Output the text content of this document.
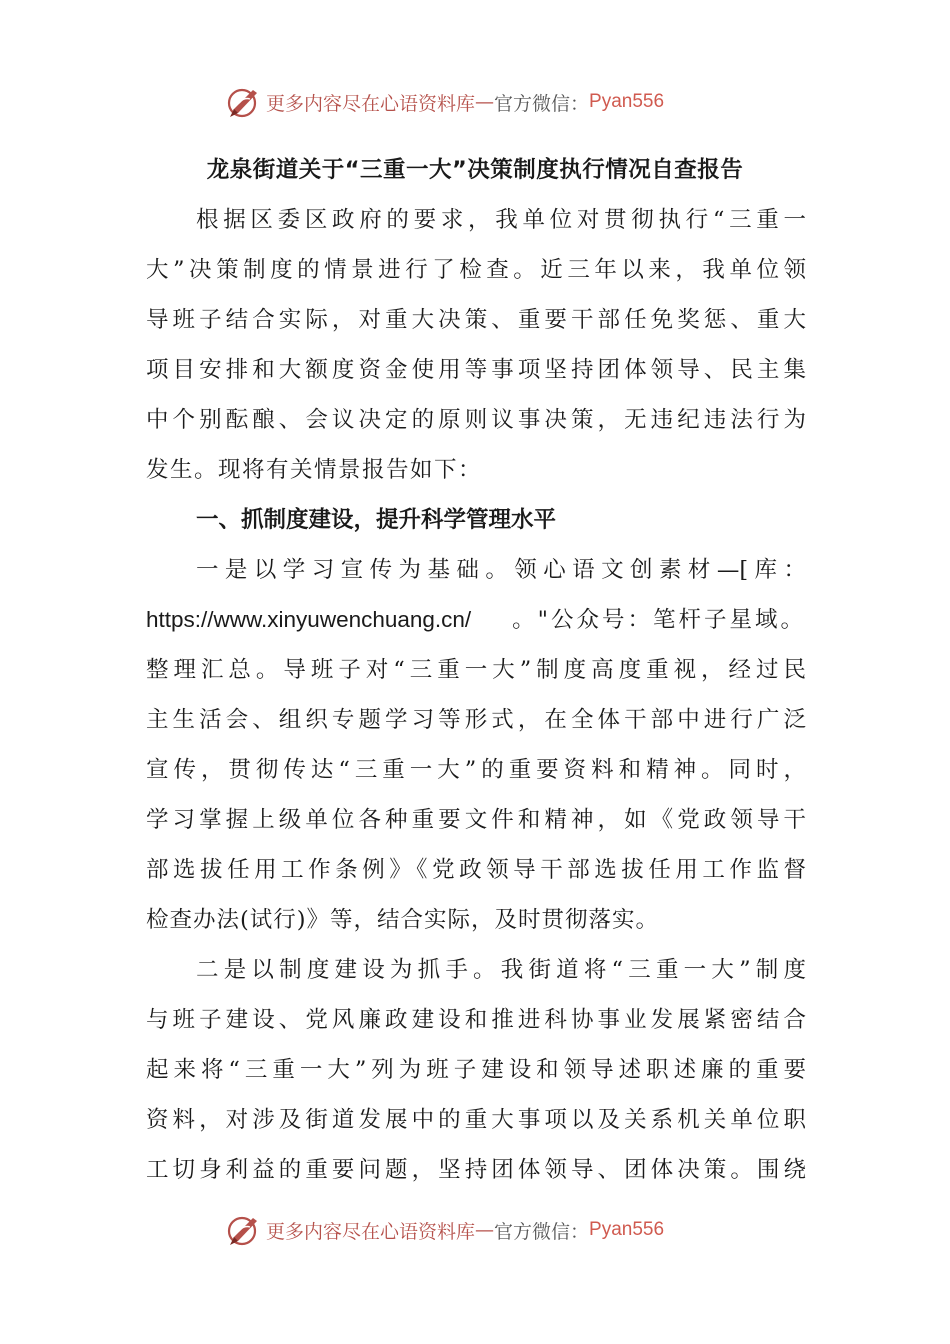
更多内容尽在心语资料库 — 官方微信： Pyan556
龙泉街道关于“三重一大”决策制度执行情况自查报告
根据区委区政府的要求，我单位对贯彻执行“三重一
大”决策制度的情景进行了检查。近三年以来，我单位领
导班子结合实际，对重大决策、重要干部任免奖惩、重大
项目安排和大额度资金使用等事项坚持团体领导、民主集
中个别酝酿、会议决定的原则议事决策，无违纪违法行为
发生。现将有关情景报告如下：
一、抓制度建设，提升科学管理水平
一是以学习宣传为基础。领心语文创素材—[库：
https://www.xinyuwenchuang.cn/ 。"公众号：笔杆子星域。
整理汇总。导班子对“三重一大”制度高度重视，经过民
主生活会、组织专题学习等形式，在全体干部中进行广泛
宣传，贯彻传达“三重一大”的重要资料和精神。同时，
学习掌握上级单位各种重要文件和精神，如《党政领导干
部选拔任用工作条例》《党政领导干部选拔任用工作监督
检查办法(试行)》等，结合实际，及时贯彻落实。
二是以制度建设为抓手。我街道将“三重一大”制度
与班子建设、党风廉政建设和推进科协事业发展紧密结合
起来将“三重一大”列为班子建设和领导述职述廉的重要
资料，对涉及街道发展中的重大事项以及关系机关单位职
工切身利益的重要问题，坚持团体领导、团体决策。围绕
更多内容尽在心语资料库 — 官方微信： Pyan556
